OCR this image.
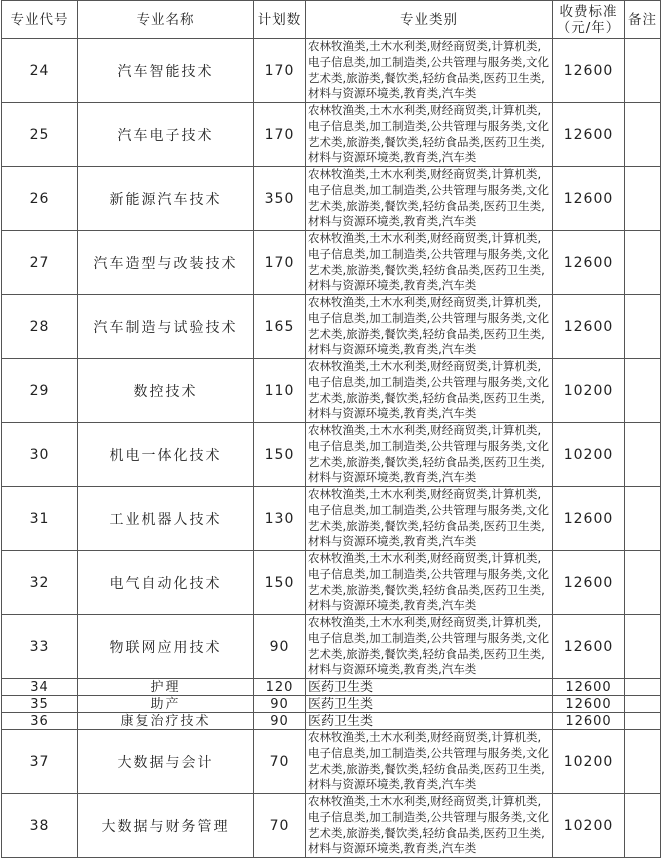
专业代号	专业名称	计划数	专业类别	收费标准（元/年）	备注
24	汽车智能技术	170	农林牧渔类,土木水利类,财经商贸类,计算机类,电子信息类,加工制造类,公共管理与服务类,文化艺术类,旅游类,餐饮类,轻纺食品类,医药卫生类,材料与资源环境类,教育类,汽车类	12600	
25	汽车电子技术	170	农林牧渔类,土木水利类,财经商贸类,计算机类,电子信息类,加工制造类,公共管理与服务类,文化艺术类,旅游类,餐饮类,轻纺食品类,医药卫生类,材料与资源环境类,教育类,汽车类	12600	
26	新能源汽车技术	350	农林牧渔类,土木水利类,财经商贸类,计算机类,电子信息类,加工制造类,公共管理与服务类,文化艺术类,旅游类,餐饮类,轻纺食品类,医药卫生类,材料与资源环境类,教育类,汽车类	12600	
27	汽车造型与改装技术	170	农林牧渔类,土木水利类,财经商贸类,计算机类,电子信息类,加工制造类,公共管理与服务类,文化艺术类,旅游类,餐饮类,轻纺食品类,医药卫生类,材料与资源环境类,教育类,汽车类	12600	
28	汽车制造与试验技术	165	农林牧渔类,土木水利类,财经商贸类,计算机类,电子信息类,加工制造类,公共管理与服务类,文化艺术类,旅游类,餐饮类,轻纺食品类,医药卫生类,材料与资源环境类,教育类,汽车类	12600	
29	数控技术	110	农林牧渔类,土木水利类,财经商贸类,计算机类,电子信息类,加工制造类,公共管理与服务类,文化艺术类,旅游类,餐饮类,轻纺食品类,医药卫生类,材料与资源环境类,教育类,汽车类	10200	
30	机电一体化技术	150	农林牧渔类,土木水利类,财经商贸类,计算机类,电子信息类,加工制造类,公共管理与服务类,文化艺术类,旅游类,餐饮类,轻纺食品类,医药卫生类,材料与资源环境类,教育类,汽车类	10200	
31	工业机器人技术	130	农林牧渔类,土木水利类,财经商贸类,计算机类,电子信息类,加工制造类,公共管理与服务类,文化艺术类,旅游类,餐饮类,轻纺食品类,医药卫生类,材料与资源环境类,教育类,汽车类	12600	
32	电气自动化技术	150	农林牧渔类,土木水利类,财经商贸类,计算机类,电子信息类,加工制造类,公共管理与服务类,文化艺术类,旅游类,餐饮类,轻纺食品类,医药卫生类,材料与资源环境类,教育类,汽车类	12600	
33	物联网应用技术	90	农林牧渔类,土木水利类,财经商贸类,计算机类,电子信息类,加工制造类,公共管理与服务类,文化艺术类,旅游类,餐饮类,轻纺食品类,医药卫生类,材料与资源环境类,教育类,汽车类	12600	
34	护理	120	医药卫生类	12600	
35	助产	90	医药卫生类	12600	
36	康复治疗技术	90	医药卫生类	12600	
37	大数据与会计	70	农林牧渔类,土木水利类,财经商贸类,计算机类,电子信息类,加工制造类,公共管理与服务类,文化艺术类,旅游类,餐饮类,轻纺食品类,医药卫生类,材料与资源环境类,教育类,汽车类	10200	
38	大数据与财务管理	70	农林牧渔类,土木水利类,财经商贸类,计算机类,电子信息类,加工制造类,公共管理与服务类,文化艺术类,旅游类,餐饮类,轻纺食品类,医药卫生类,材料与资源环境类,教育类,汽车类	10200	
